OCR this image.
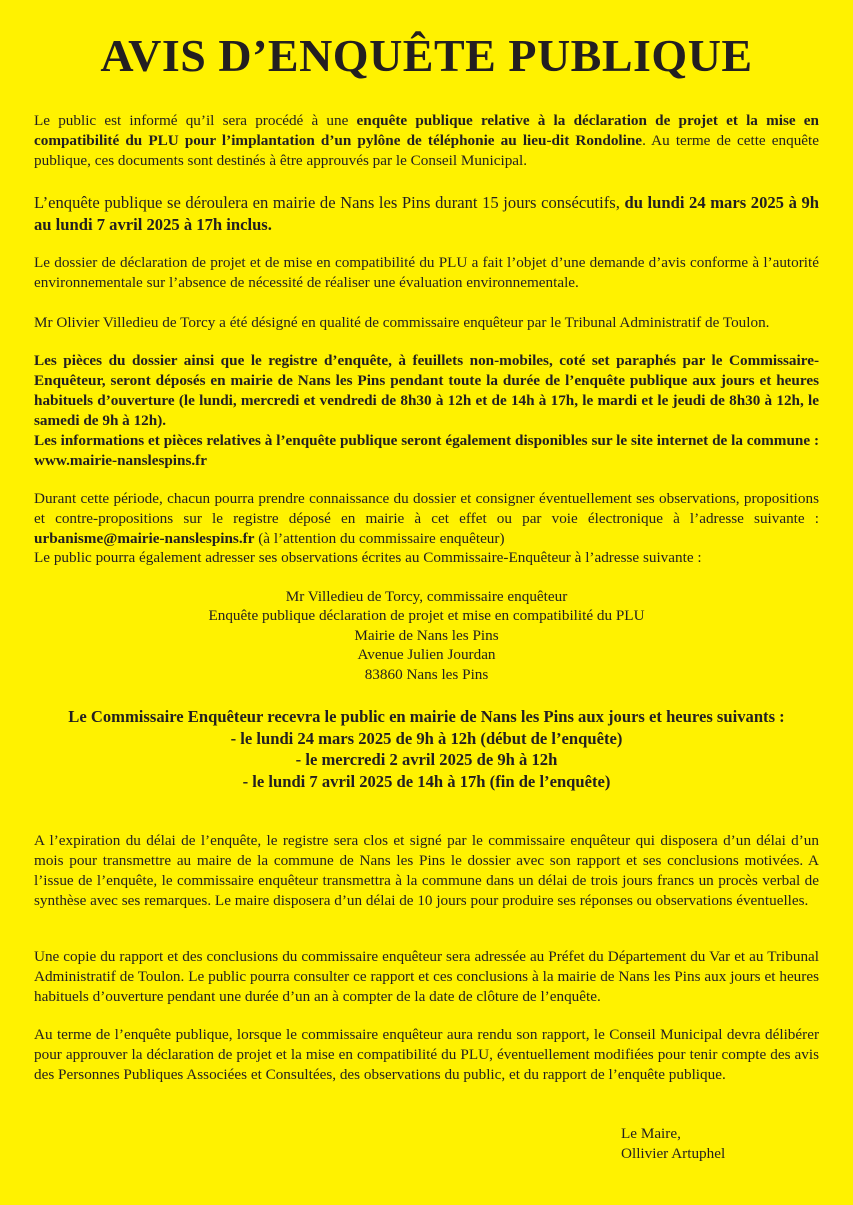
AVIS D’ENQUÊTE PUBLIQUE
Le public est informé qu’il sera procédé à une enquête publique relative à la déclaration de projet et la mise en compatibilité du PLU pour l’implantation d’un pylône de téléphonie au lieu-dit Rondoline. Au terme de cette enquête publique, ces documents sont destinés à être approuvés par le Conseil Municipal.
L’enquête publique se déroulera en mairie de Nans les Pins durant 15 jours consécutifs, du lundi 24 mars 2025 à 9h au lundi 7 avril 2025 à 17h inclus.
Le dossier de déclaration de projet et de mise en compatibilité du PLU a fait l’objet d’une demande d’avis conforme à l’autorité environnementale sur l’absence de nécessité de réaliser une évaluation environnementale.
Mr Olivier Villedieu de Torcy a été désigné en qualité de commissaire enquêteur par le Tribunal Administratif de Toulon.
Les pièces du dossier ainsi que le registre d’enquête, à feuillets non-mobiles, coté set paraphés par le Commissaire-Enquêteur, seront déposés en mairie de Nans les Pins pendant toute la durée de l’enquête publique aux jours et heures habituels d’ouverture (le lundi, mercredi et vendredi de 8h30 à 12h et de 14h à 17h, le mardi et le jeudi de 8h30 à 12h, le samedi de 9h à 12h).
Les informations et pièces relatives à l’enquête publique seront également disponibles sur le site internet de la commune : www.mairie-nanslespins.fr
Durant cette période, chacun pourra prendre connaissance du dossier et consigner éventuellement ses observations, propositions et contre-propositions sur le registre déposé en mairie à cet effet ou par voie électronique à l’adresse suivante : urbanisme@mairie-nanslespins.fr (à l’attention du commissaire enquêteur)
Le public pourra également adresser ses observations écrites au Commissaire-Enquêteur à l’adresse suivante :
Mr Villedieu de Torcy, commissaire enquêteur
Enquête publique déclaration de projet et mise en compatibilité du PLU
Mairie de Nans les Pins
Avenue Julien Jourdan
83860 Nans les Pins
Le Commissaire Enquêteur recevra le public en mairie de Nans les Pins aux jours et heures suivants :
- le lundi 24 mars 2025 de 9h à 12h (début de l’enquête)
- le mercredi 2 avril 2025 de 9h à 12h
- le lundi 7 avril 2025 de 14h à 17h (fin de l’enquête)
A l’expiration du délai de l’enquête, le registre sera clos et signé par le commissaire enquêteur qui disposera d’un délai d’un mois pour transmettre au maire de la commune de Nans les Pins le dossier avec son rapport et ses conclusions motivées. A l’issue de l’enquête, le commissaire enquêteur transmettra à la commune dans un délai de trois jours francs un procès verbal de synthèse avec ses remarques. Le maire disposera d’un délai de 10 jours pour produire ses réponses ou observations éventuelles.
Une copie du rapport et des conclusions du commissaire enquêteur sera adressée au Préfet du Département du Var et au Tribunal Administratif de Toulon. Le public pourra consulter ce rapport et ces conclusions à la mairie de Nans les Pins aux jours et heures habituels d’ouverture pendant une durée d’un an à compter de la date de clôture de l’enquête.
Au terme de l’enquête publique, lorsque le commissaire enquêteur aura rendu son rapport, le Conseil Municipal devra délibérer pour approuver la déclaration de projet et la mise en compatibilité du PLU, éventuellement modifiées pour tenir compte des avis des Personnes Publiques Associées et Consultées, des observations du public, et du rapport de l’enquête publique.
Le Maire,
Ollivier Artuphel
